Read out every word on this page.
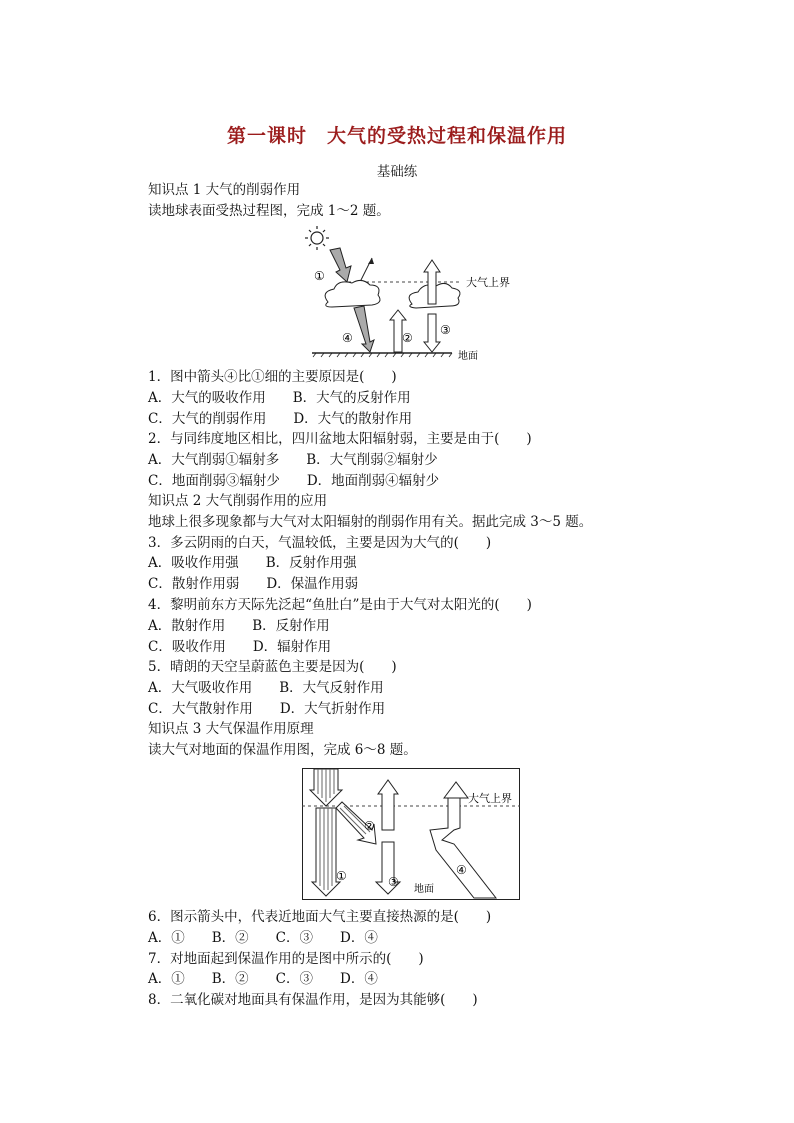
第一课时　大气的受热过程和保温作用
基础练
知识点 1 大气的削弱作用
读地球表面受热过程图，完成 1～2 题。
①
④	②
③
大气上界
地面
1．图中箭头④比①细的主要原因是(　　)
A．大气的吸收作用　　B．大气的反射作用
C．大气的削弱作用　　D．大气的散射作用
2．与同纬度地区相比，四川盆地太阳辐射弱，主要是由于(　　)
A．大气削弱①辐射多　　B．大气削弱②辐射少
C．地面削弱③辐射少　　D．地面削弱④辐射少
知识点 2 大气削弱作用的应用
地球上很多现象都与大气对太阳辐射的削弱作用有关。据此完成 3～5 题。
3．多云阴雨的白天，气温较低，主要是因为大气的(　　)
A．吸收作用强　　B．反射作用强
C．散射作用弱　　D．保温作用弱
4．黎明前东方天际先泛起“鱼肚白”是由于大气对太阳光的(　　)
A．散射作用　　B．反射作用
C．吸收作用　　D．辐射作用
5．晴朗的天空呈蔚蓝色主要是因为(　　)
A．大气吸收作用　　B．大气反射作用
C．大气散射作用　　D．大气折射作用
知识点 3 大气保温作用原理
读大气对地面的保温作用图，完成 6～8 题。
①
②
③
④
大气上界
地面
6．图示箭头中，代表近地面大气主要直接热源的是(　　)
A．①　　B．②　　C．③　　D．④
7．对地面起到保温作用的是图中所示的(　　)
A．①　　B．②　　C．③　　D．④
8．二氧化碳对地面具有保温作用，是因为其能够(　　)
